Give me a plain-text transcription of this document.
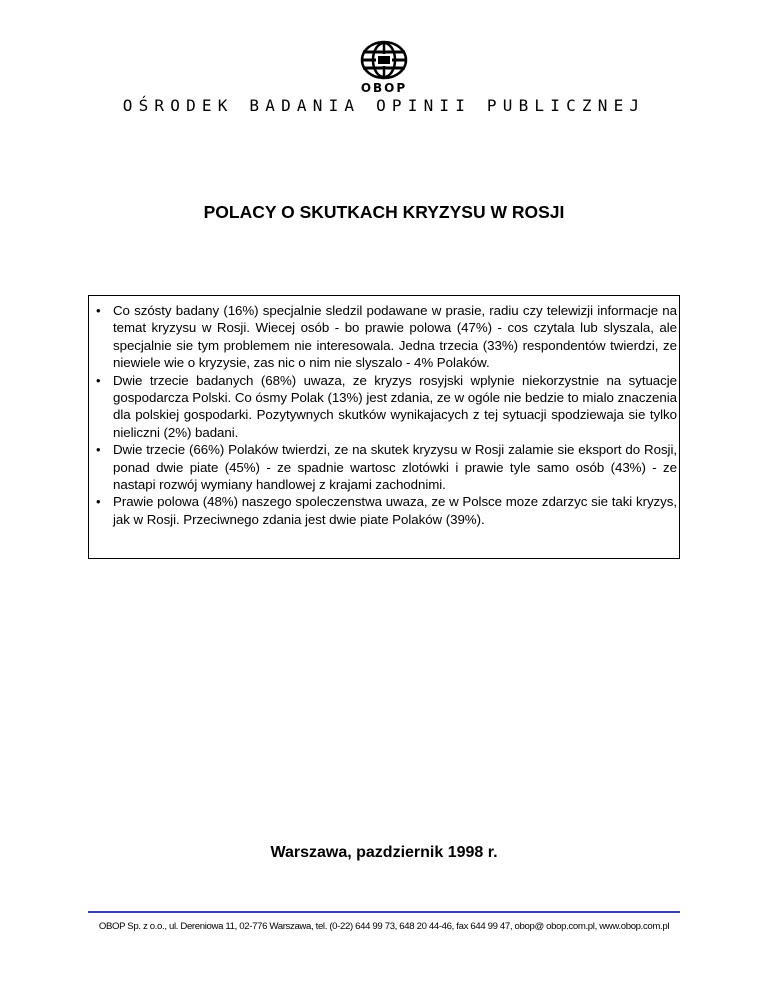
OBOP
OŚRODEK BADANIA OPINII PUBLICZNEJ
POLACY O SKUTKACH KRYZYSU W ROSJI
• Co szósty badany (16%) specjalnie sledzil podawane w prasie, radiu czy telewizji informacje na temat kryzysu w Rosji. Wiecej osób - bo prawie polowa (47%) - cos czytala lub slyszala, ale specjalnie sie tym problemem nie interesowala. Jedna trzecia (33%) respondentów twierdzi, ze niewiele wie o kryzysie, zas nic o nim nie slyszalo - 4% Polaków.
• Dwie trzecie badanych (68%) uwaza, ze kryzys rosyjski wplynie niekorzystnie na sytuacje gospodarcza Polski. Co ósmy Polak (13%) jest zdania, ze w ogóle nie bedzie to mialo znaczenia dla polskiej gospodarki. Pozytywnych skutków wynikajacych z tej sytuacji spodziewaja sie tylko nieliczni (2%) badani.
• Dwie trzecie (66%) Polaków twierdzi, ze na skutek kryzysu w Rosji zalamie sie eksport do Rosji, ponad dwie piate (45%) - ze spadnie wartosc zlotówki i prawie tyle samo osób (43%) - ze nastapi rozwój wymiany handlowej z krajami zachodnimi.
• Prawie polowa (48%) naszego spoleczenstwa uwaza, ze w Polsce moze zdarzyc sie taki kryzys, jak w Rosji. Przeciwnego zdania jest dwie piate Polaków (39%).
Warszawa, pazdziernik 1998 r.
OBOP Sp. z o.o., ul. Dereniowa 11, 02-776 Warszawa, tel. (0-22) 644 99 73, 648 20 44-46, fax 644 99 47, obop@ obop.com.pl, www.obop.com.pl
